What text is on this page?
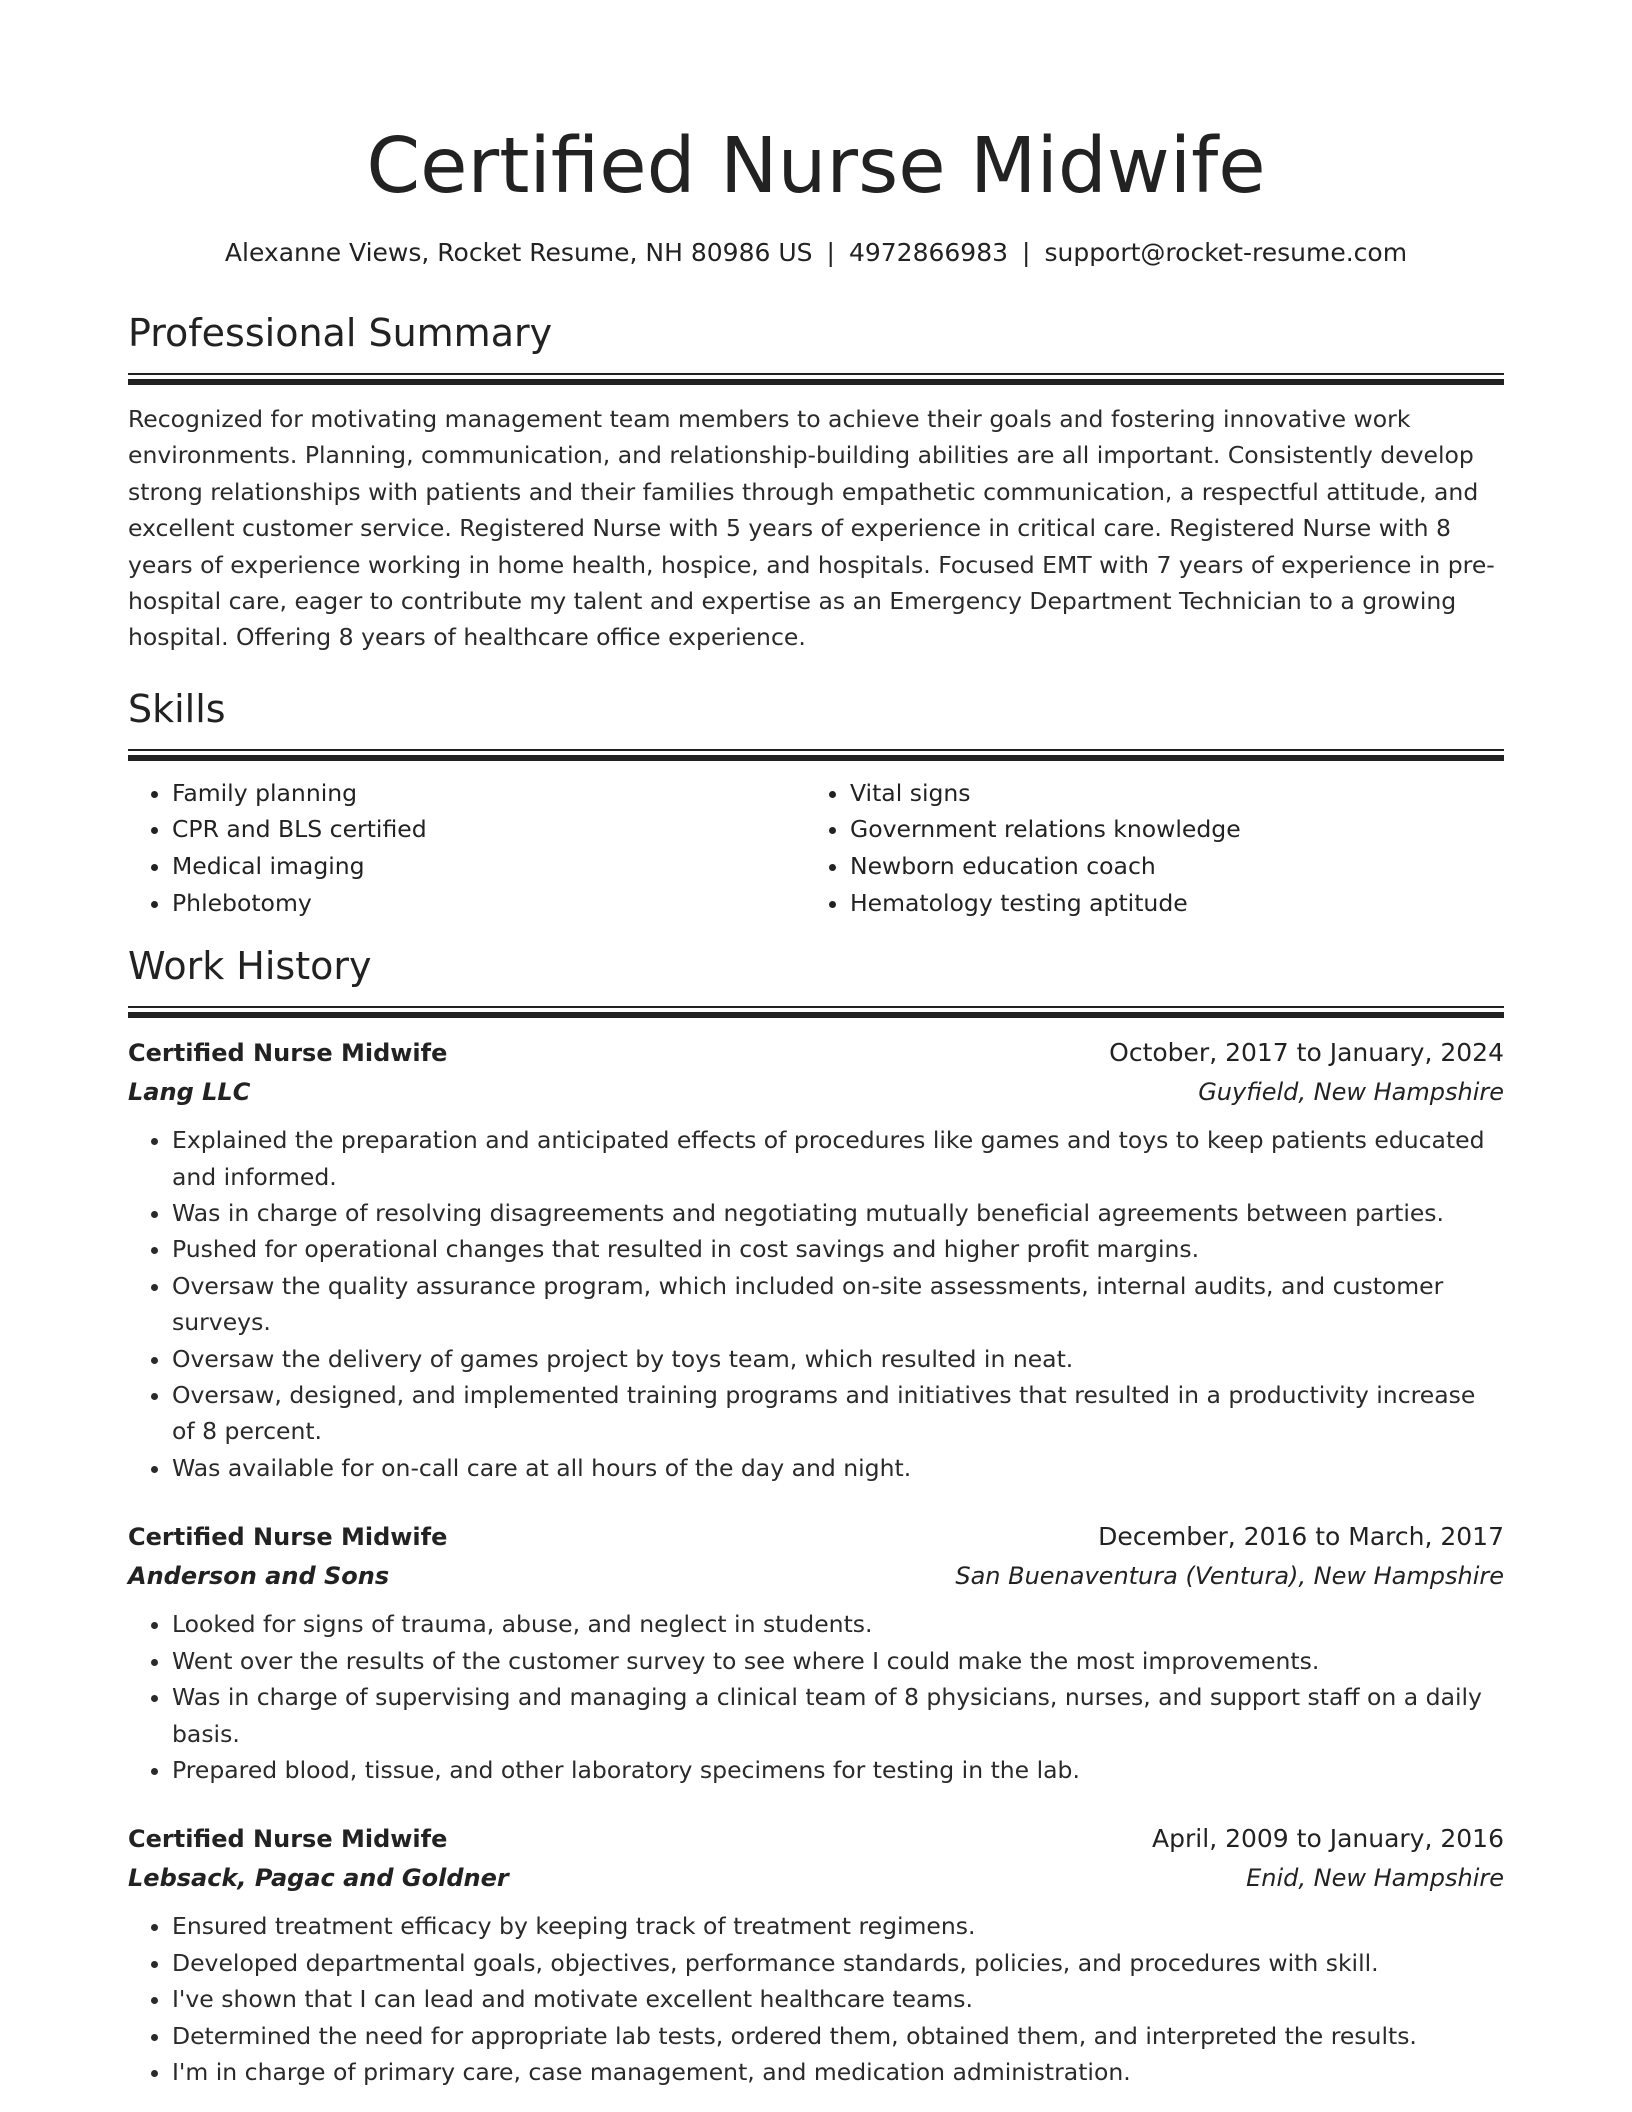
Certified Nurse Midwife
Alexanne Views, Rocket Resume, NH 80986 US | 4972866983 | support@rocket-resume.com
Professional Summary

Recognized for motivating management team members to achieve their goals and fostering innovative work environments. Planning, communication, and relationship-building abilities are all important. Consistently develop strong relationships with patients and their families through empathetic communication, a respectful attitude, and excellent customer service. Registered Nurse with 5 years of experience in critical care. Registered Nurse with 8 years of experience working in home health, hospice, and hospitals. Focused EMT with 7 years of experience in pre-hospital care, eager to contribute my talent and expertise as an Emergency Department Technician to a growing hospital. Offering 8 years of healthcare office experience.

Skills
• Family planning
• CPR and BLS certified
• Medical imaging
• Phlebotomy
• Vital signs
• Government relations knowledge
• Newborn education coach
• Hematology testing aptitude
Work History
Certified Nurse Midwife	October, 2017 to January, 2024
Lang LLC	Guyfield, New Hampshire
• Explained the preparation and anticipated effects of procedures like games and toys to keep patients educated and informed.
• Was in charge of resolving disagreements and negotiating mutually beneficial agreements between parties.
• Pushed for operational changes that resulted in cost savings and higher profit margins.
• Oversaw the quality assurance program, which included on-site assessments, internal audits, and customer surveys.
• Oversaw the delivery of games project by toys team, which resulted in neat.
• Oversaw, designed, and implemented training programs and initiatives that resulted in a productivity increase of 8 percent.
• Was available for on-call care at all hours of the day and night.
Certified Nurse Midwife	December, 2016 to March, 2017
Anderson and Sons	San Buenaventura (Ventura), New Hampshire
• Looked for signs of trauma, abuse, and neglect in students.
• Went over the results of the customer survey to see where I could make the most improvements.
• Was in charge of supervising and managing a clinical team of 8 physicians, nurses, and support staff on a daily basis.
• Prepared blood, tissue, and other laboratory specimens for testing in the lab.
Certified Nurse Midwife	April, 2009 to January, 2016
Lebsack, Pagac and Goldner	Enid, New Hampshire
• Ensured treatment efficacy by keeping track of treatment regimens.
• Developed departmental goals, objectives, performance standards, policies, and procedures with skill.
• I've shown that I can lead and motivate excellent healthcare teams.
• Determined the need for appropriate lab tests, ordered them, obtained them, and interpreted the results.
• I'm in charge of primary care, case management, and medication administration.
